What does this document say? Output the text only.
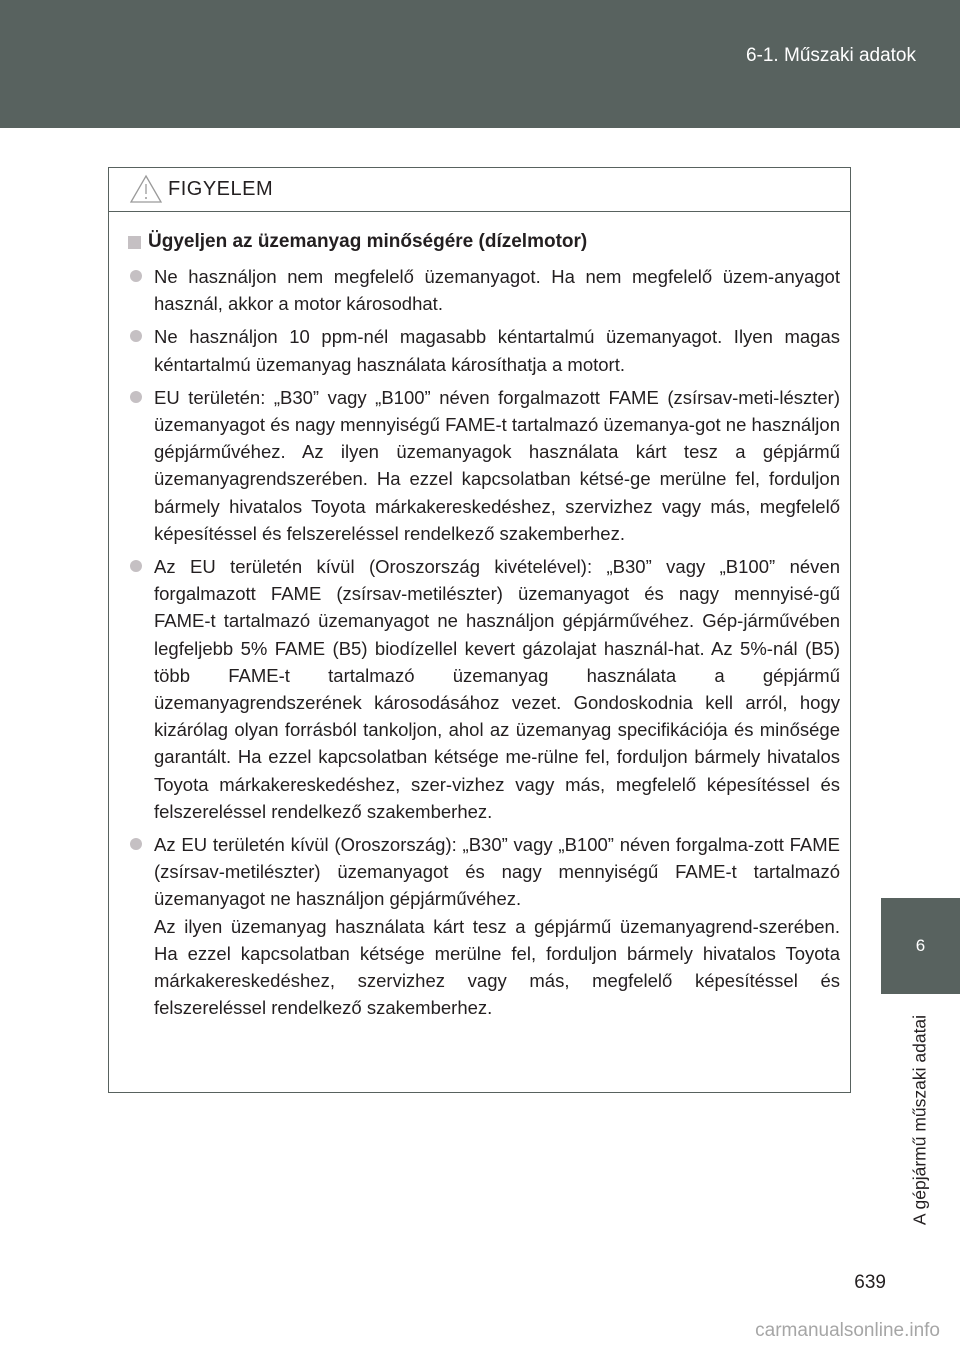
6-1. Műszaki adatok
6
A gépjármű műszaki adatai
FIGYELEM
Ügyeljen az üzemanyag minőségére (dízelmotor)

Ne használjon nem megfelelő üzemanyagot. Ha nem megfelelő üzem-anyagot használ, akkor a motor károsodhat.

Ne használjon 10 ppm-nél magasabb kéntartalmú üzemanyagot. Ilyen magas kéntartalmú üzemanyag használata károsíthatja a motort.

EU területén: „B30” vagy „B100” néven forgalmazott FAME (zsírsav-meti-lészter) üzemanyagot és nagy mennyiségű FAME-t tartalmazó üzemanya-got ne használjon gépjárművéhez. Az ilyen üzemanyagok használata kárt tesz a gépjármű üzemanyagrendszerében. Ha ezzel kapcsolatban kétsé-ge merülne fel, forduljon bármely hivatalos Toyota márkakereskedéshez, szervizhez vagy más, megfelelő képesítéssel és felszereléssel rendelkező szakemberhez.

Az EU területén kívül (Oroszország kivételével): „B30” vagy „B100” néven forgalmazott FAME (zsírsav-metilészter) üzemanyagot és nagy mennyisé-gű FAME-t tartalmazó üzemanyagot ne használjon gépjárművéhez. Gép-járművében legfeljebb 5% FAME (B5) biodízellel kevert gázolajat használ-hat. Az 5%-nál (B5) több FAME-t tartalmazó üzemanyag használata a gépjármű üzemanyagrendszerének károsodásához vezet. Gondoskodnia kell arról, hogy kizárólag olyan forrásból tankoljon, ahol az üzemanyag specifikációja és minősége garantált. Ha ezzel kapcsolatban kétsége me-rülne fel, forduljon bármely hivatalos Toyota márkakereskedéshez, szer-vizhez vagy más, megfelelő képesítéssel és felszereléssel rendelkező szakemberhez.

Az EU területén kívül (Oroszország): „B30” vagy „B100” néven forgalma-zott FAME (zsírsav-metilészter) üzemanyagot és nagy mennyiségű FAME-t tartalmazó üzemanyagot ne használjon gépjárművéhez.

Az ilyen üzemanyag használata kárt tesz a gépjármű üzemanyagrend-szerében. Ha ezzel kapcsolatban kétsége merülne fel, forduljon bármely hivatalos Toyota márkakereskedéshez, szervizhez vagy más, megfelelő képesítéssel és felszereléssel rendelkező szakemberhez.

639
carmanualsonline.info
